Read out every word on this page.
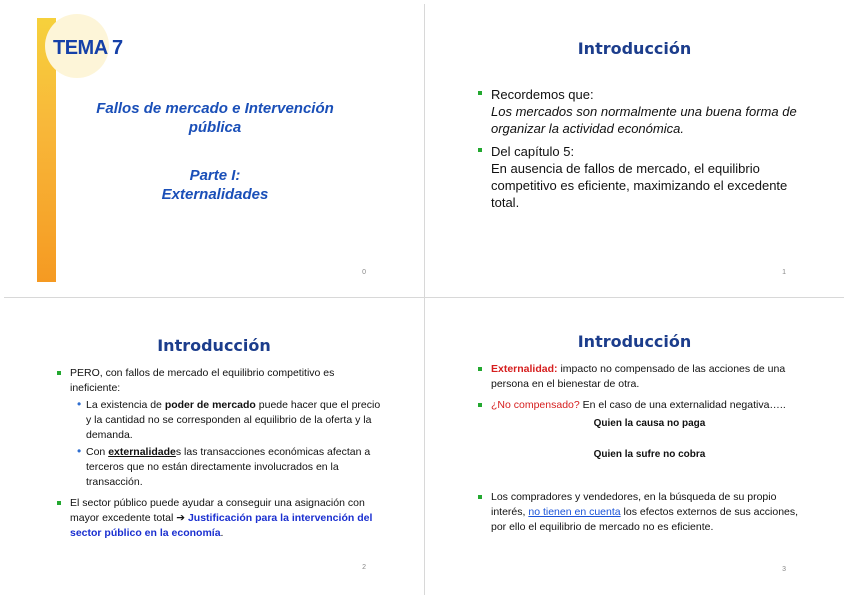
TEMA 7
Fallos de mercado e Intervención
pública
Parte I:
Externalidades
0
Introducción
Recordemos que:
Los mercados son normalmente una buena forma de organizar la actividad económica.
Del capítulo 5:
En ausencia de fallos de mercado, el equilibrio competitivo es eficiente, maximizando el excedente total.
1
Introducción
PERO, con fallos de mercado el equilibrio competitivo es ineficiente:
• La existencia de poder de mercado puede hacer que el precio y la cantidad no se corresponden al equilibrio de la oferta y la demanda.
• Con externalidades las transacciones económicas afectan a terceros que no están directamente involucrados en la transacción.
El sector público puede ayudar a conseguir una asignación con mayor excedente total ➔ Justificación para la intervención del sector público en la economía.
2
Introducción
Externalidad: impacto no compensado de las acciones de una persona en el bienestar de otra.
¿No compensado? En el caso de una externalidad negativa…..
Quien la causa no paga
Quien la sufre no cobra
Los compradores y vendedores, en la búsqueda de su propio interés, no tienen en cuenta los efectos externos de sus acciones, por ello el equilibrio de mercado no es eficiente.
3
